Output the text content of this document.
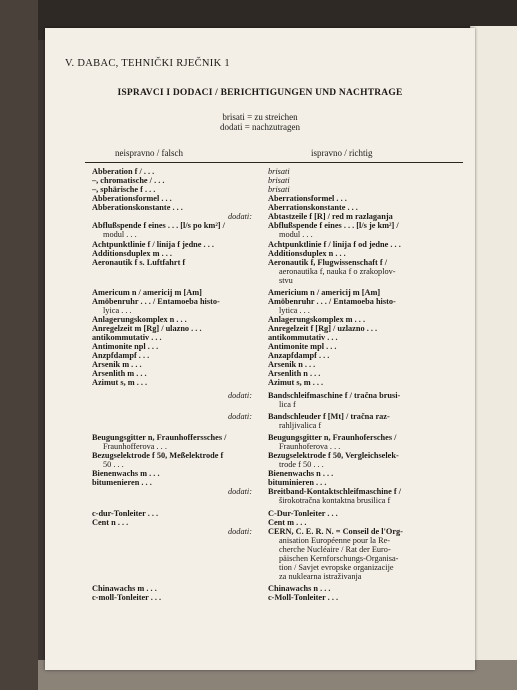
V. DABAC, TEHNIČKI RJEČNIK 1
ISPRAVCI I DODACI / BERICHTIGUNGEN UND NACHTRAGE
brisati = zu streichen
dodati = nachzutragen
neispravno / falsch	ispravno / richtig
Abberation f / . . .	brisati
–, chromatische / . . .	brisati
–, sphärische f . . .	brisati
Abberationsformel . . .	Aberrationsformel . . .
Abberationskonstante . . .	Aberrationskonstante . . .
dodati: Abtastzeile f [R] / red m razlaganja
Abflußspende f eines . . . [l/s po km²] /	Abflußspende f eines . . . [l/s je km²] /
modul . . .	modul . . .
Achtpunktlinie f / linija f jedne . . .	Achtpunktlinie f / linija f od jedne . . .
Additionsduplex m . . .	Additionsduplex n . . .
Aeronautik f s. Luftfahrt f	Aeronautik f, Flugwissenschaft f /
aeronautika f, nauka f o zrakoplov-
stvu
Americum n / americij m [Am]	Americium n / americij m [Am]
Amöbenruhr . . . / Entamoeba histo-	Amöbenruhr . . . / Entamoeba histo-
lyica . . .	lytica . . .
Anlagerungskomplex n . . .	Anlagerungskomplex m . . .
Anregelzeit m [Rg] / ulazno . . .	Anregelzeit f [Rg] / uzlazno . . .
antikommutativ . . .	antikommutativ . . .
Antimonite npl . . .	Antimonite mpl . . .
Anzpfdampf . . .	Anzapfdampf . . .
Arsenik m . . .	Arsenik n . . .
Arsenlith m . . .	Arsenlith n . . .
Azimut s, m . . .	Azimut s, m . . .
dodati: Bandschleifmaschine f / tračna brusi-
lica f
dodati: Bandschleuder f [Mt] / tračna raz-
rahljivalica f
Beugungsgitter n, Fraunhofferssches /	Beugungsgitter n, Fraunhofersches /
Fraunhofferova . . .	Fraunhoferova . . .
Bezugselektrode f 50, Meßelektrode f	Bezugselektrode f 50, Vergleichselek-
50 . . .	trode f 50 . . .
Bienenwachs m . . .	Bienenwachs n . . .
bitumenieren . . .	bituminieren . . .
dodati: Breitband-Kontaktschleifmaschine f /
širokotračna kontaktna brusilica f
c-dur-Tonleiter . . .	C-Dur-Tonleiter . . .
Cent n . . .	Cent m . . .
dodati: CERN, C. E. R. N. = Conseil de l'Org-
anisation Européenne pour la Re-
cherche Nucléaire / Rat der Euro-
päischen Kernforschungs-Organisa-
tion / Savjet evropske organizacije
za nuklearna istraživanja
Chinawachs m . . .	Chinawachs n . . .
c-moll-Tonleiter . . .	c-Moll-Tonleiter . . .
